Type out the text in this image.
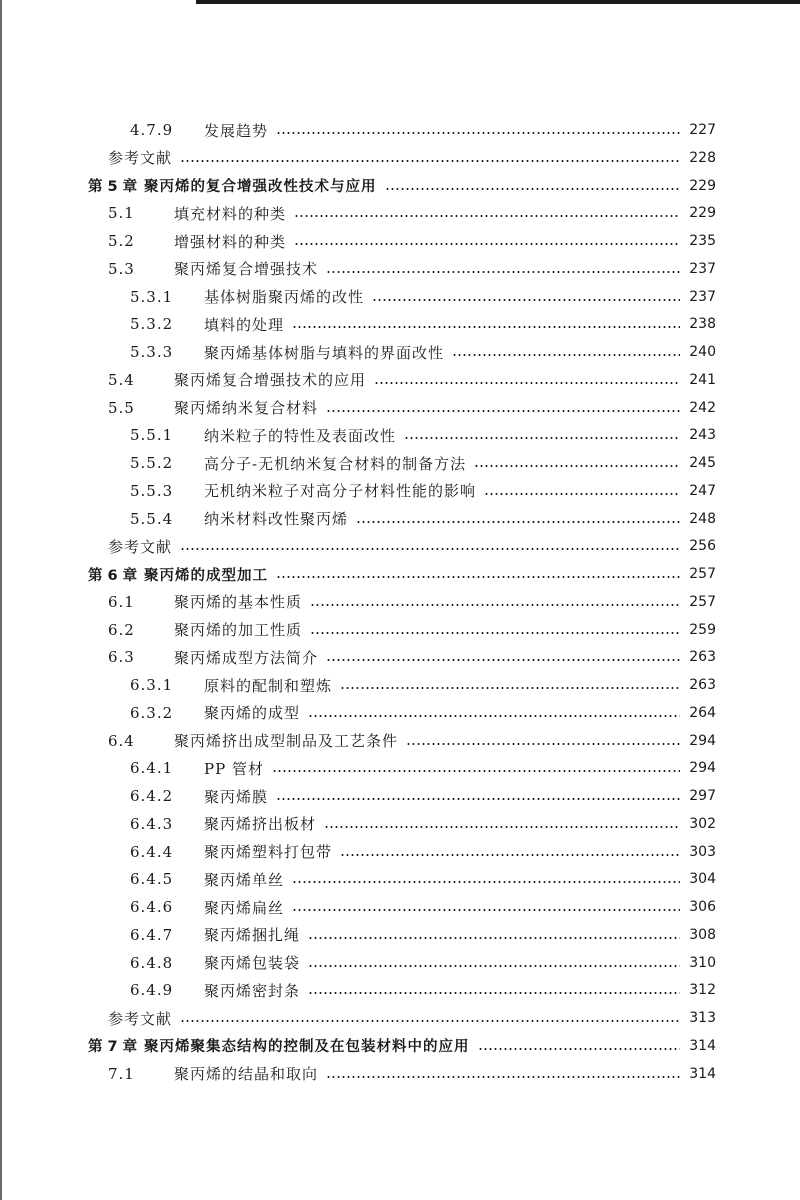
4.7.9	发展趋势	227
参考文献	228
第 5 章 聚丙烯的复合增强改性技术与应用	229
5.1	填充材料的种类	229
5.2	增强材料的种类	235
5.3	聚丙烯复合增强技术	237
5.3.1	基体树脂聚丙烯的改性	237
5.3.2	填料的处理	238
5.3.3	聚丙烯基体树脂与填料的界面改性	240
5.4	聚丙烯复合增强技术的应用	241
5.5	聚丙烯纳米复合材料	242
5.5.1	纳米粒子的特性及表面改性	243
5.5.2	高分子-无机纳米复合材料的制备方法	245
5.5.3	无机纳米粒子对高分子材料性能的影响	247
5.5.4	纳米材料改性聚丙烯	248
参考文献	256
第 6 章 聚丙烯的成型加工	257
6.1	聚丙烯的基本性质	257
6.2	聚丙烯的加工性质	259
6.3	聚丙烯成型方法简介	263
6.3.1	原料的配制和塑炼	263
6.3.2	聚丙烯的成型	264
6.4	聚丙烯挤出成型制品及工艺条件	294
6.4.1	PP 管材	294
6.4.2	聚丙烯膜	297
6.4.3	聚丙烯挤出板材	302
6.4.4	聚丙烯塑料打包带	303
6.4.5	聚丙烯单丝	304
6.4.6	聚丙烯扁丝	306
6.4.7	聚丙烯捆扎绳	308
6.4.8	聚丙烯包装袋	310
6.4.9	聚丙烯密封条	312
参考文献	313
第 7 章 聚丙烯聚集态结构的控制及在包装材料中的应用	314
7.1	聚丙烯的结晶和取向	314
